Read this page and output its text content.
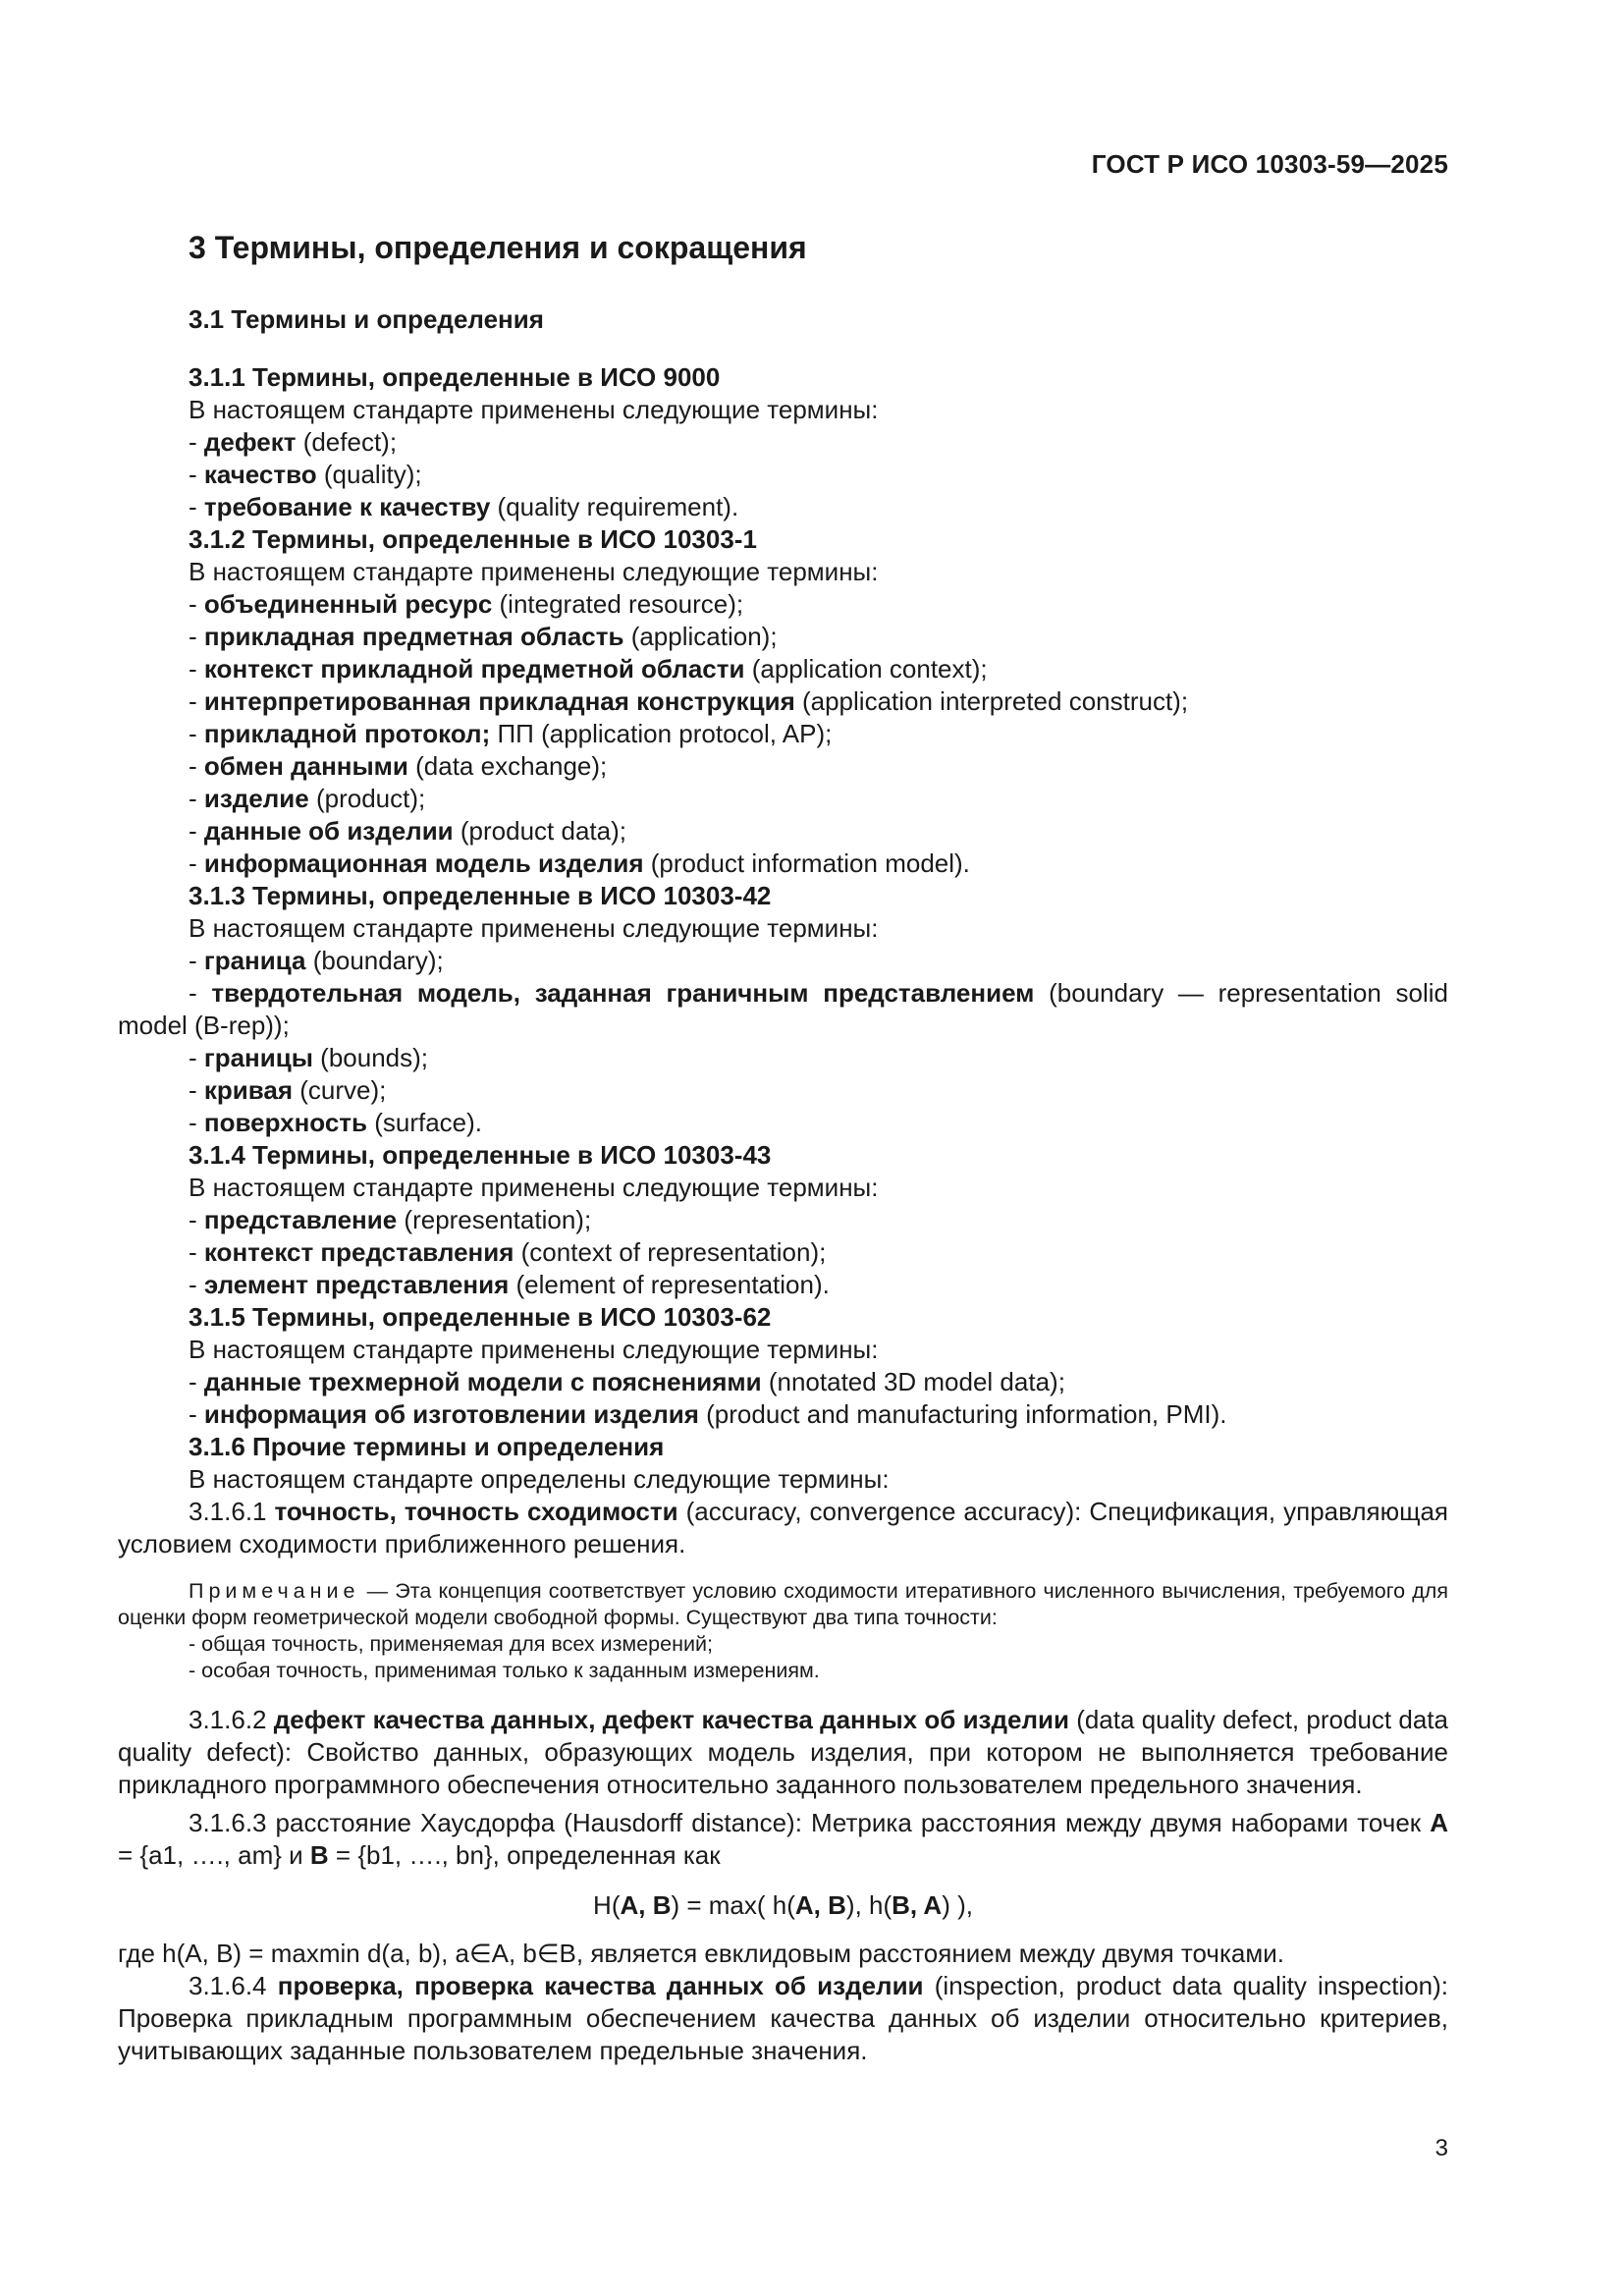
ГОСТ Р ИСО 10303-59—2025
3 Термины, определения и сокращения
3.1 Термины и определения
3.1.1 Термины, определенные в ИСО 9000
В настоящем стандарте применены следующие термины:
- дефект (defect);
- качество (quality);
- требование к качеству (quality requirement).
3.1.2 Термины, определенные в ИСО 10303-1
В настоящем стандарте применены следующие термины:
- объединенный ресурс (integrated resource);
- прикладная предметная область (application);
- контекст прикладной предметной области (application context);
- интерпретированная прикладная конструкция (application interpreted construct);
- прикладной протокол; ПП (application protocol, AP);
- обмен данными (data exchange);
- изделие (product);
- данные об изделии (product data);
- информационная модель изделия (product information model).
3.1.3 Термины, определенные в ИСО 10303-42
В настоящем стандарте применены следующие термины:
- граница (boundary);
- твердотельная модель, заданная граничным представлением (boundary — representation solid model (B-rep));
- границы (bounds);
- кривая (curve);
- поверхность (surface).
3.1.4 Термины, определенные в ИСО 10303-43
В настоящем стандарте применены следующие термины:
- представление (representation);
- контекст представления (context of representation);
- элемент представления (element of representation).
3.1.5 Термины, определенные в ИСО 10303-62
В настоящем стандарте применены следующие термины:
- данные трехмерной модели с пояснениями (nnotated 3D model data);
- информация об изготовлении изделия (product and manufacturing information, PMI).
3.1.6 Прочие термины и определения
В настоящем стандарте определены следующие термины:
3.1.6.1 точность, точность сходимости (accuracy, convergence accuracy): Спецификация, управляющая условием сходимости приближенного решения.
Примечание — Эта концепция соответствует условию сходимости итеративного численного вычисления, требуемого для оценки форм геометрической модели свободной формы. Существуют два типа точности:
- общая точность, применяемая для всех измерений;
- особая точность, применимая только к заданным измерениям.
3.1.6.2 дефект качества данных, дефект качества данных об изделии (data quality defect, product data quality defect): Свойство данных, образующих модель изделия, при котором не выполняется требование прикладного программного обеспечения относительно заданного пользователем предельного значения.
3.1.6.3 расстояние Хаусдорфа (Hausdorff distance): Метрика расстояния между двумя наборами точек A = {a1, …., am} и B = {b1, …., bn}, определенная как
H(A, B) = max( h(A, B), h(B, A) ),
где h(A, B) = maxmin d(a, b), a∈A, b∈B, является евклидовым расстоянием между двумя точками.
3.1.6.4 проверка, проверка качества данных об изделии (inspection, product data quality inspection): Проверка прикладным программным обеспечением качества данных об изделии относительно критериев, учитывающих заданные пользователем предельные значения.
3
